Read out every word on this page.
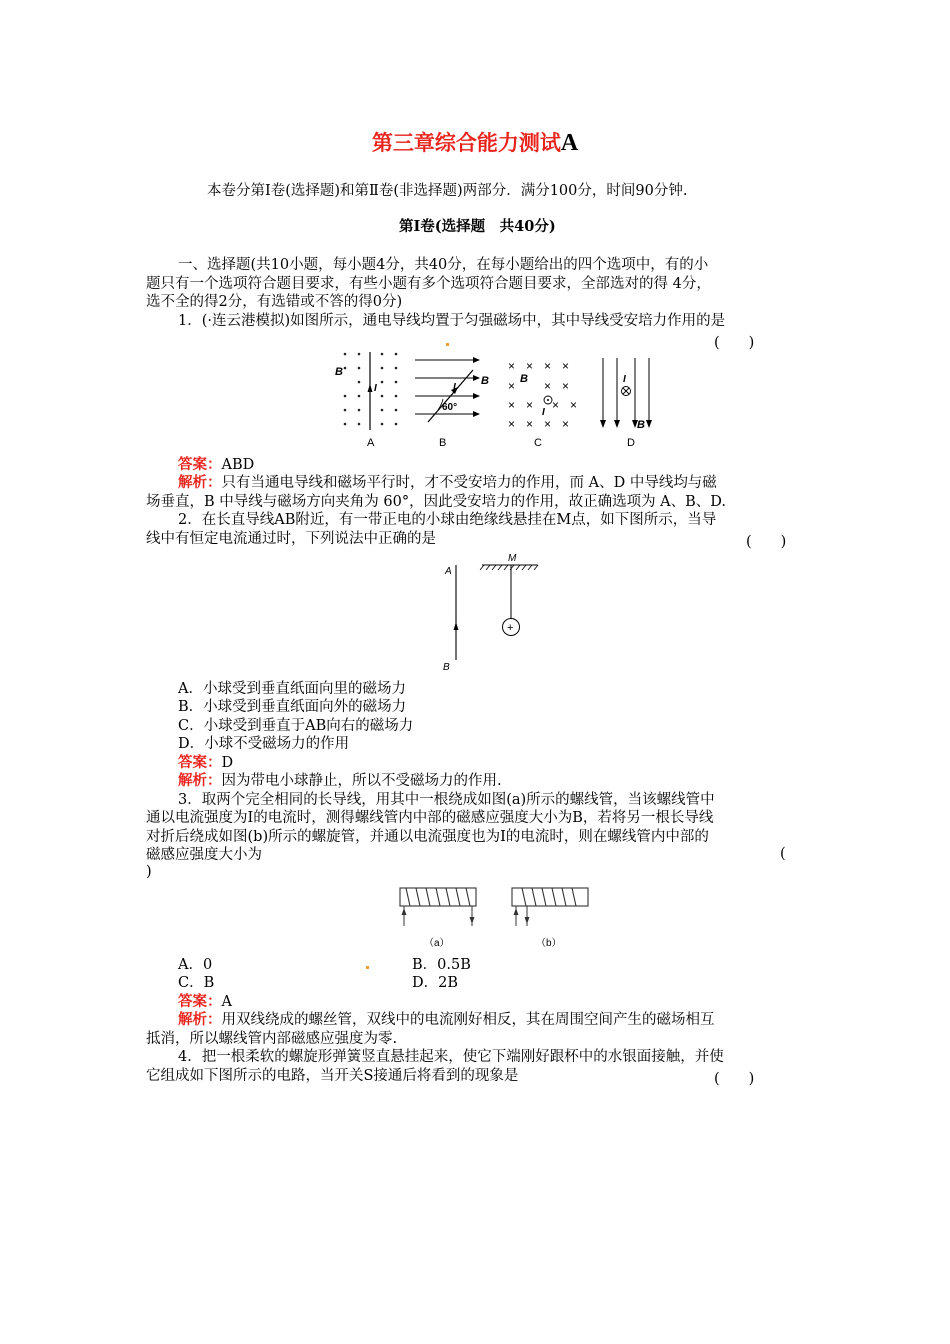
第三章综合能力测试A
本卷分第Ⅰ卷(选择题)和第Ⅱ卷(非选择题)两部分．满分100分，时间90分钟.
第Ⅰ卷(选择题　共40分)
一、选择题(共10小题，每小题4分，共40分，在每小题给出的四个选项中，有的小
题只有一个选项符合题目要求，有些小题有多个选项符合题目要求，全部选对的得 4分，
选不全的得2分，有选错或不答的得0分)
1．(·连云港模拟)如图所示，通电导线均置于匀强磁场中，其中导线受安培力作用的是
(　　)
B
I
A
B
I
60°
B
× × × ×
× × ×
× × × ×
× × × ×
B
I
C
I
B
D
答案：ABD
解析：只有当通电导线和磁场平行时，才不受安培力的作用，而 A、D 中导线均与磁
场垂直，B 中导线与磁场方向夹角为 60°，因此受安培力的作用，故正确选项为 A、B、D.
2．在长直导线AB附近，有一带正电的小球由绝缘线悬挂在M点，如下图所示，当导
线中有恒定电流通过时，下列说法中正确的是	(　　)
A
B
M
+
A．小球受到垂直纸面向里的磁场力
B．小球受到垂直纸面向外的磁场力
C．小球受到垂直于AB向右的磁场力
D．小球不受磁场力的作用
答案：D
解析：因为带电小球静止，所以不受磁场力的作用.
3．取两个完全相同的长导线，用其中一根绕成如图(a)所示的螺线管，当该螺线管中
通以电流强度为I的电流时，测得螺线管内中部的磁感应强度大小为B，若将另一根长导线
对折后绕成如图(b)所示的螺旋管，并通以电流强度也为I的电流时，则在螺线管内中部的
磁感应强度大小为	(
)
（a）	（b）
A．0	B．0.5B
C．B	D．2B
答案：A
解析：用双线绕成的螺丝管，双线中的电流刚好相反，其在周围空间产生的磁场相互
抵消，所以螺线管内部磁感应强度为零.
4．把一根柔软的螺旋形弹簧竖直悬挂起来，使它下端刚好跟杯中的水银面接触，并使
它组成如下图所示的电路，当开关S接通后将看到的现象是	(　　)
